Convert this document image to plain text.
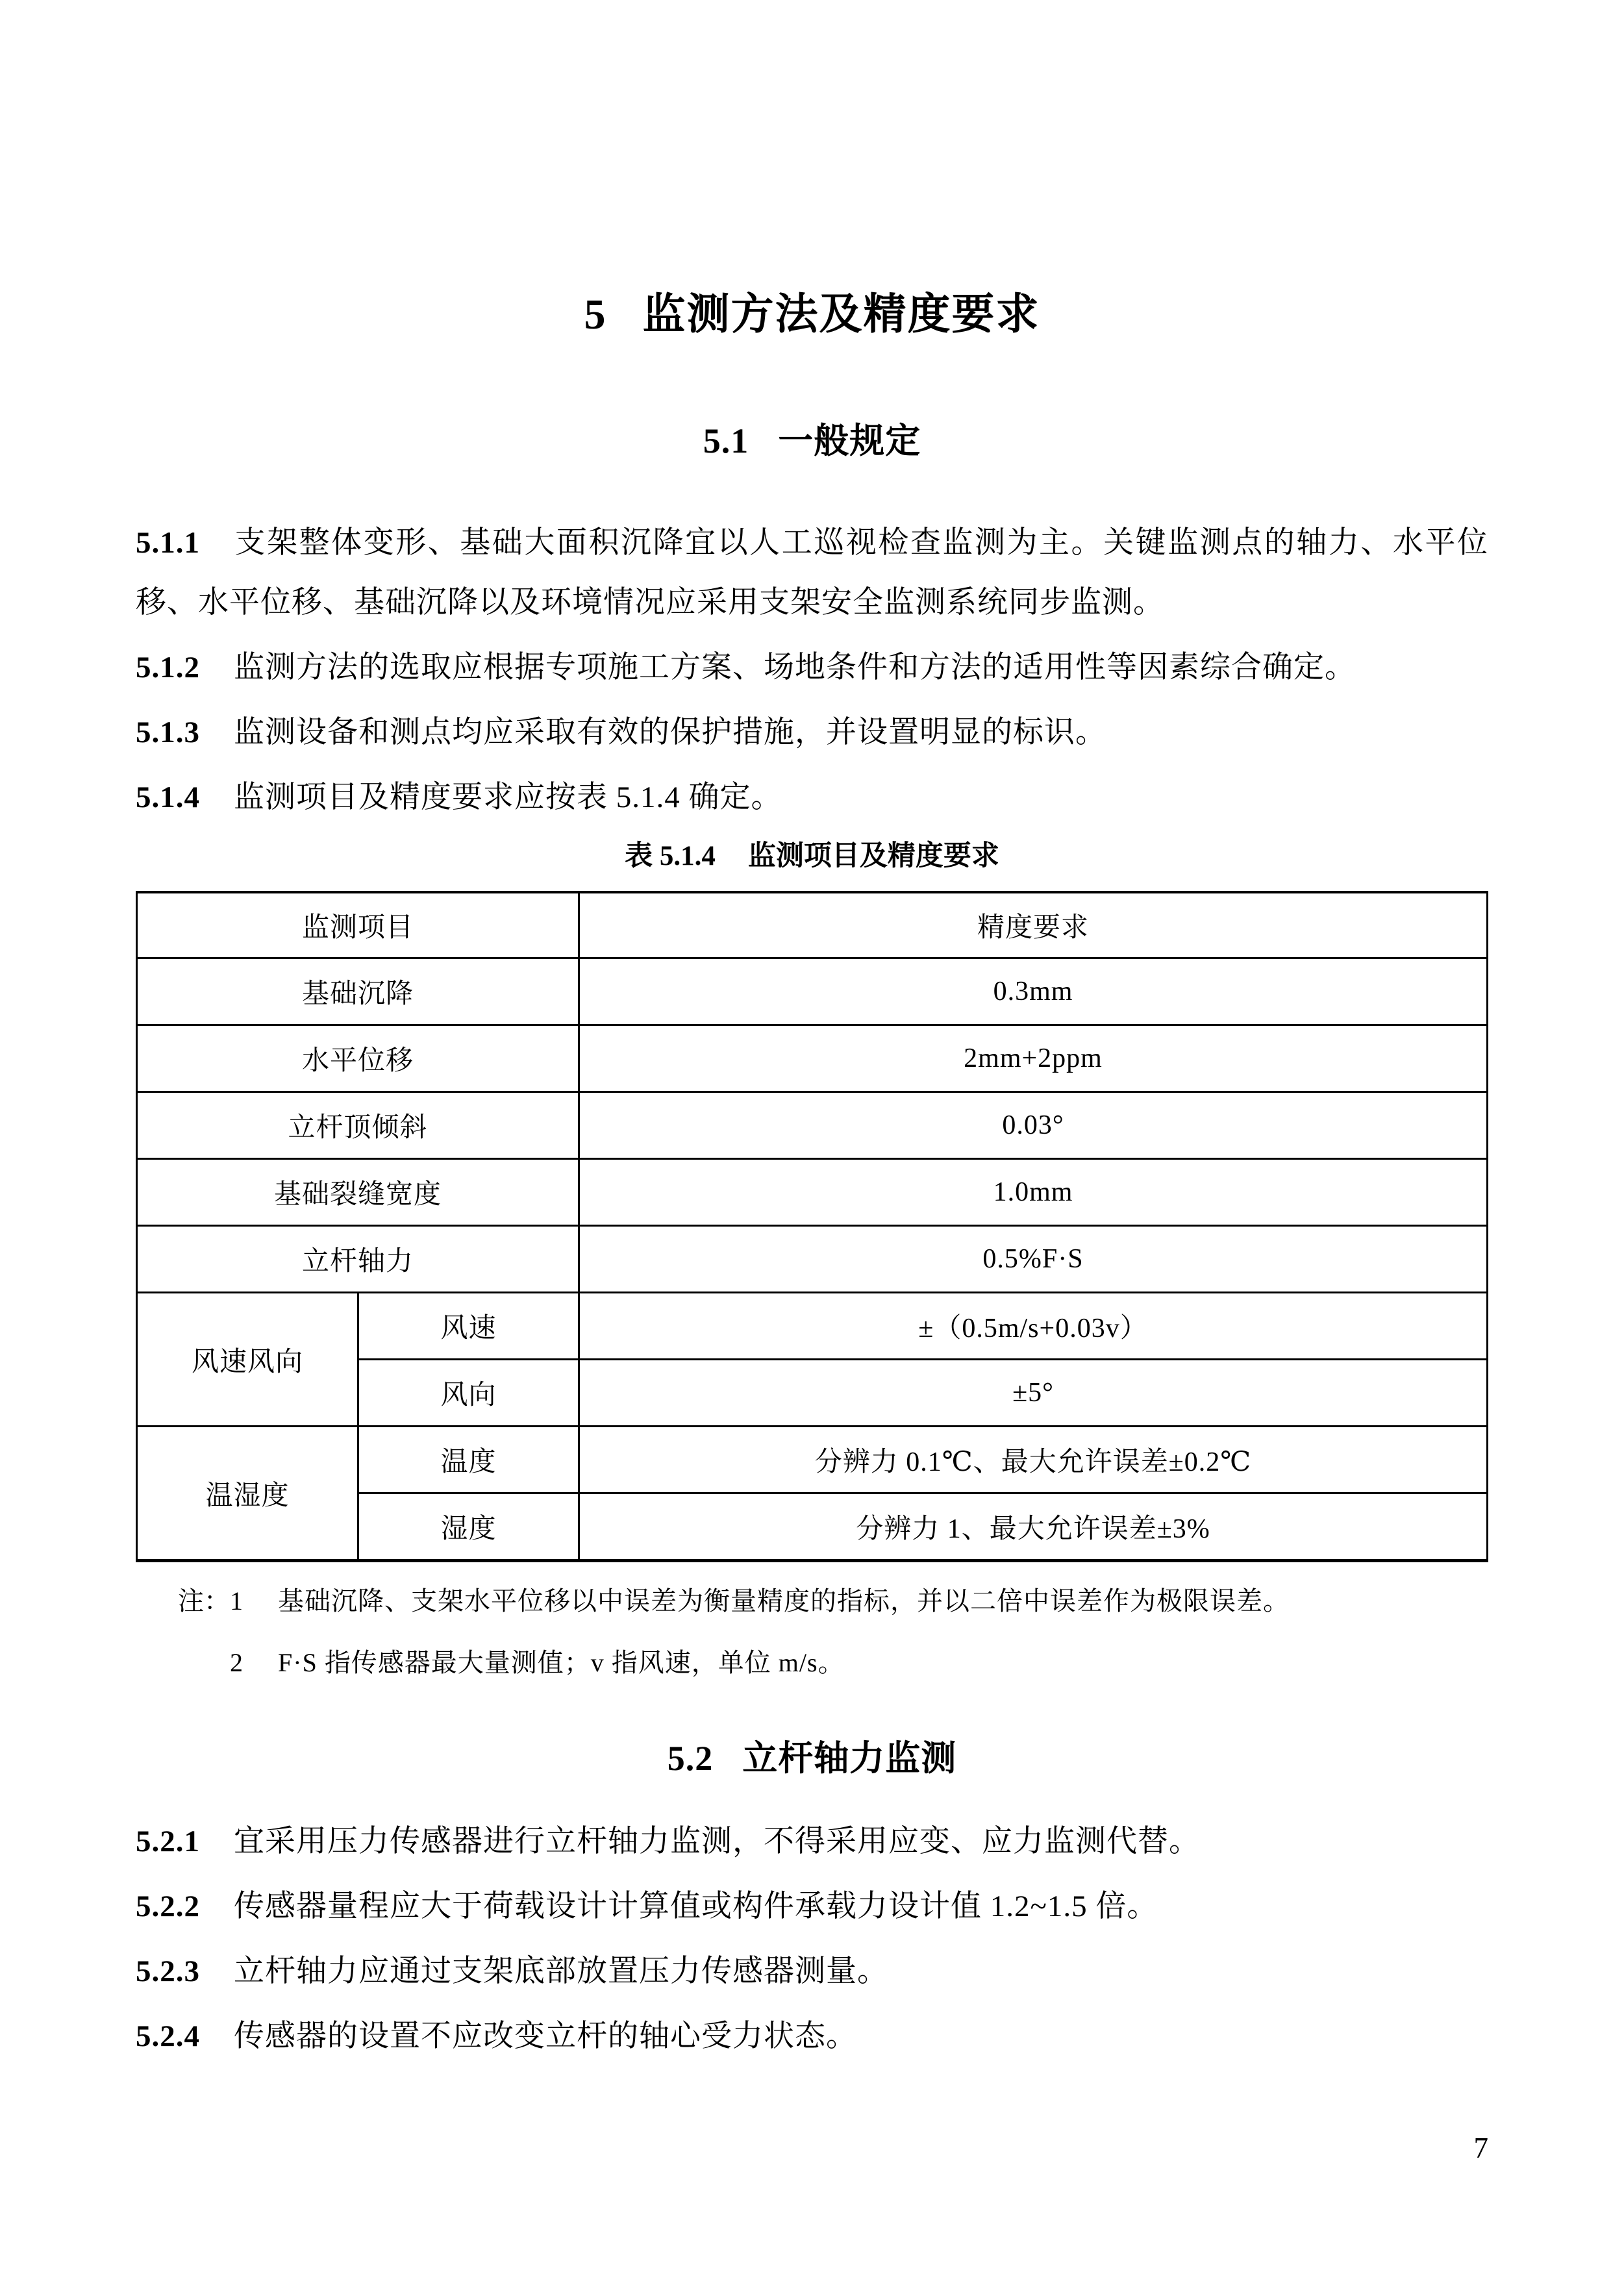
5 监测方法及精度要求
5.1 一般规定

5.1.1 支架整体变形、基础大面积沉降宜以人工巡视检查监测为主。关键监测点的轴力、水平位移、水平位移、基础沉降以及环境情况应采用支架安全监测系统同步监测。

5.1.2 监测方法的选取应根据专项施工方案、场地条件和方法的适用性等因素综合确定。

5.1.3 监测设备和测点均应采取有效的保护措施，并设置明显的标识。

5.1.4 监测项目及精度要求应按表 5.1.4 确定。

表 5.1.4 监测项目及精度要求
监测项目		精度要求
基础沉降		0.3mm
水平位移		2mm+2ppm
立杆顶倾斜		0.03°
基础裂缝宽度		1.0mm
立杆轴力		0.5%F·S
风速风向	风速	±（0.5m/s+0.03v）
	风向	±5°
温湿度	温度	分辨力 0.1℃、最大允许误差±0.2℃
	湿度	分辨力 1、最大允许误差±3%
注： 1	基础沉降、支架水平位移以中误差为衡量精度的指标，并以二倍中误差作为极限误差。
2	F·S 指传感器最大量测值；v 指风速，单位 m/s。
5.2 立杆轴力监测

5.2.1 宜采用压力传感器进行立杆轴力监测，不得采用应变、应力监测代替。

5.2.2 传感器量程应大于荷载设计计算值或构件承载力设计值 1.2~1.5 倍。

5.2.3 立杆轴力应通过支架底部放置压力传感器测量。

5.2.4 传感器的设置不应改变立杆的轴心受力状态。

7
